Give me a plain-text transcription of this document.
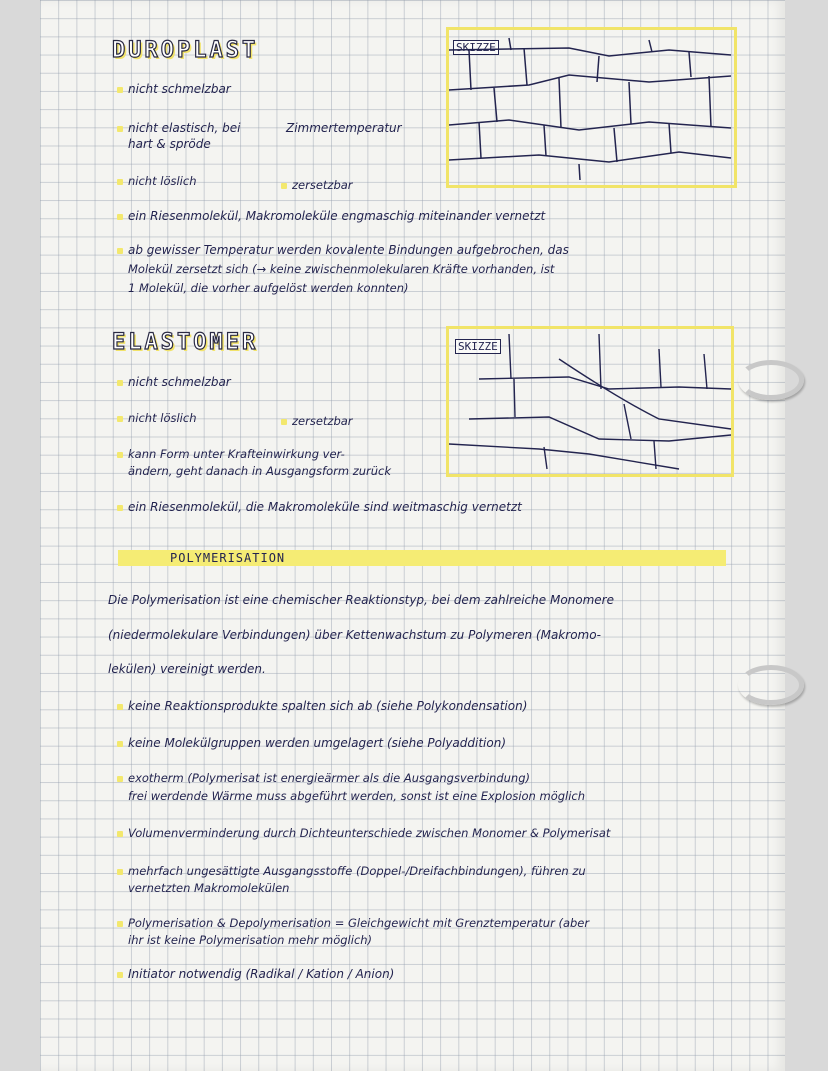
DUROPLAST
nicht schmelzbar
nicht elastisch, bei	Zimmertemperatur
hart & spröde
nicht löslich	zersetzbar
ein Riesenmolekül, Makromoleküle engmaschig miteinander vernetzt
ab gewisser Temperatur werden kovalente Bindungen aufgebrochen, das
Molekül zersetzt sich (→ keine zwischenmolekularen Kräfte vorhanden, ist
1 Molekül, die vorher aufgelöst werden konnten)
SKIZZE
ELASTOMER
nicht schmelzbar
nicht löslich	zersetzbar
kann Form unter Krafteinwirkung ver-
ändern, geht danach in Ausgangsform zurück
ein Riesenmolekül, die Makromoleküle sind weitmaschig vernetzt
SKIZZE
POLYMERISATION
Die Polymerisation ist eine chemischer Reaktionstyp, bei dem zahlreiche Monomere
(niedermolekulare Verbindungen) über Kettenwachstum zu Polymeren (Makromo-
lekülen) vereinigt werden.
keine Reaktionsprodukte spalten sich ab (siehe Polykondensation)
keine Molekülgruppen werden umgelagert (siehe Polyaddition)
exotherm (Polymerisat ist energieärmer als die Ausgangsverbindung)
frei werdende Wärme muss abgeführt werden, sonst ist eine Explosion möglich
Volumenverminderung durch Dichteunterschiede zwischen Monomer & Polymerisat
mehrfach ungesättigte Ausgangsstoffe (Doppel-/Dreifachbindungen), führen zu
vernetzten Makromolekülen
Polymerisation & Depolymerisation = Gleichgewicht mit Grenztemperatur (aber
ihr ist keine Polymerisation mehr möglich)
Initiator notwendig (Radikal / Kation / Anion)
